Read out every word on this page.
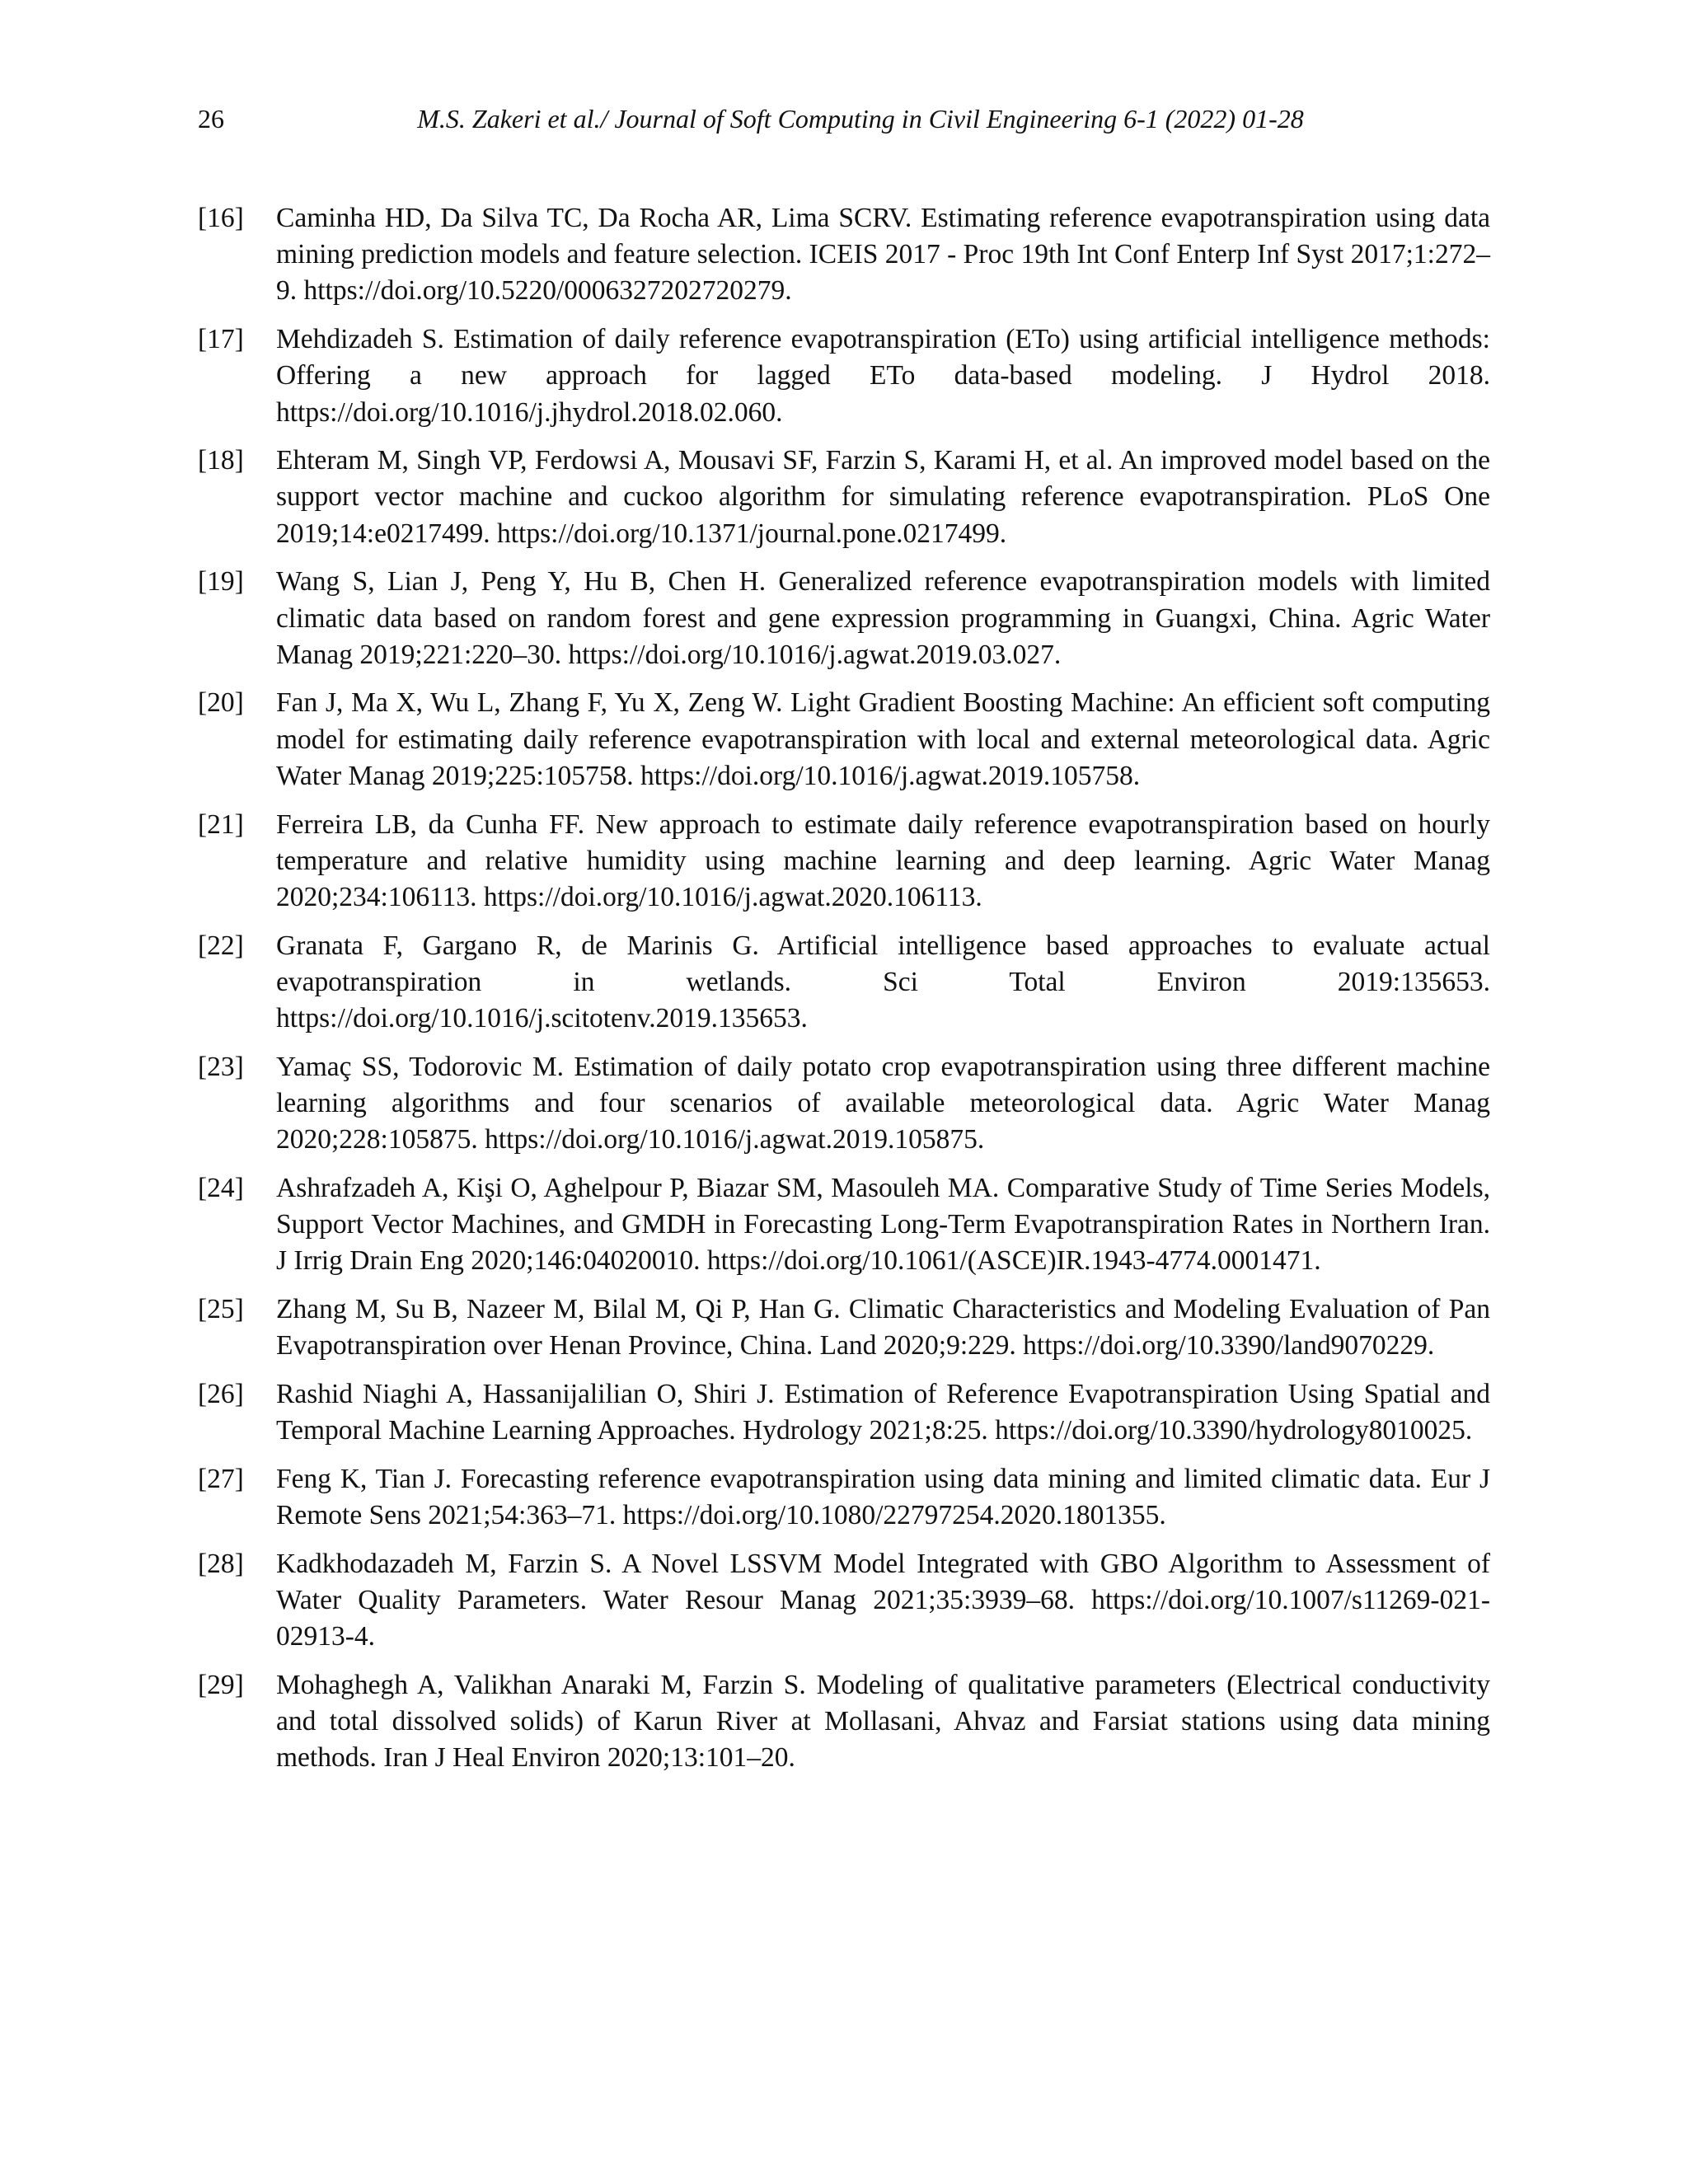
26	M.S. Zakeri et al./ Journal of Soft Computing in Civil Engineering 6-1 (2022) 01-28
[16]	Caminha HD, Da Silva TC, Da Rocha AR, Lima SCRV. Estimating reference evapotranspiration using data mining prediction models and feature selection. ICEIS 2017 - Proc 19th Int Conf Enterp Inf Syst 2017;1:272–9. https://doi.org/10.5220/0006327202720279.
[17]	Mehdizadeh S. Estimation of daily reference evapotranspiration (ETo) using artificial intelligence methods: Offering a new approach for lagged ETo data-based modeling. J Hydrol 2018. https://doi.org/10.1016/j.jhydrol.2018.02.060.
[18]	Ehteram M, Singh VP, Ferdowsi A, Mousavi SF, Farzin S, Karami H, et al. An improved model based on the support vector machine and cuckoo algorithm for simulating reference evapotranspiration. PLoS One 2019;14:e0217499. https://doi.org/10.1371/journal.pone.0217499.
[19]	Wang S, Lian J, Peng Y, Hu B, Chen H. Generalized reference evapotranspiration models with limited climatic data based on random forest and gene expression programming in Guangxi, China. Agric Water Manag 2019;221:220–30. https://doi.org/10.1016/j.agwat.2019.03.027.
[20]	Fan J, Ma X, Wu L, Zhang F, Yu X, Zeng W. Light Gradient Boosting Machine: An efficient soft computing model for estimating daily reference evapotranspiration with local and external meteorological data. Agric Water Manag 2019;225:105758. https://doi.org/10.1016/j.agwat.2019.105758.
[21]	Ferreira LB, da Cunha FF. New approach to estimate daily reference evapotranspiration based on hourly temperature and relative humidity using machine learning and deep learning. Agric Water Manag 2020;234:106113. https://doi.org/10.1016/j.agwat.2020.106113.
[22]	Granata F, Gargano R, de Marinis G. Artificial intelligence based approaches to evaluate actual evapotranspiration in wetlands. Sci Total Environ 2019:135653. https://doi.org/10.1016/j.scitotenv.2019.135653.
[23]	Yamaç SS, Todorovic M. Estimation of daily potato crop evapotranspiration using three different machine learning algorithms and four scenarios of available meteorological data. Agric Water Manag 2020;228:105875. https://doi.org/10.1016/j.agwat.2019.105875.
[24]	Ashrafzadeh A, Kişi O, Aghelpour P, Biazar SM, Masouleh MA. Comparative Study of Time Series Models, Support Vector Machines, and GMDH in Forecasting Long-Term Evapotranspiration Rates in Northern Iran. J Irrig Drain Eng 2020;146:04020010. https://doi.org/10.1061/(ASCE)IR.1943-4774.0001471.
[25]	Zhang M, Su B, Nazeer M, Bilal M, Qi P, Han G. Climatic Characteristics and Modeling Evaluation of Pan Evapotranspiration over Henan Province, China. Land 2020;9:229. https://doi.org/10.3390/land9070229.
[26]	Rashid Niaghi A, Hassanijalilian O, Shiri J. Estimation of Reference Evapotranspiration Using Spatial and Temporal Machine Learning Approaches. Hydrology 2021;8:25. https://doi.org/10.3390/hydrology8010025.
[27]	Feng K, Tian J. Forecasting reference evapotranspiration using data mining and limited climatic data. Eur J Remote Sens 2021;54:363–71. https://doi.org/10.1080/22797254.2020.1801355.
[28]	Kadkhodazadeh M, Farzin S. A Novel LSSVM Model Integrated with GBO Algorithm to Assessment of Water Quality Parameters. Water Resour Manag 2021;35:3939–68. https://doi.org/10.1007/s11269-021-02913-4.
[29]	Mohaghegh A, Valikhan Anaraki M, Farzin S. Modeling of qualitative parameters (Electrical conductivity and total dissolved solids) of Karun River at Mollasani, Ahvaz and Farsiat stations using data mining methods. Iran J Heal Environ 2020;13:101–20.
